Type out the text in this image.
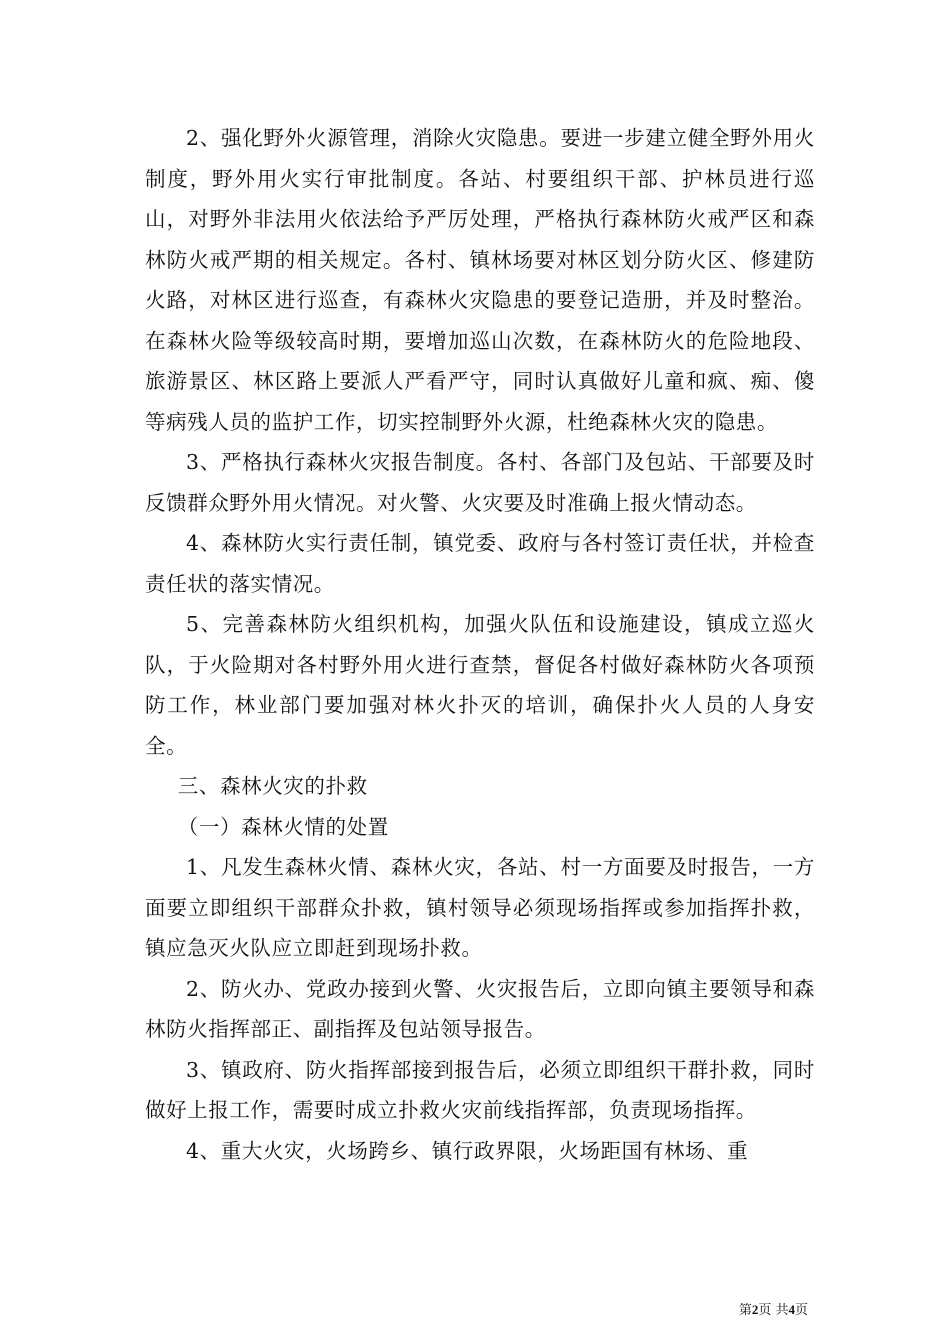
2、强化野外火源管理，消除火灾隐患。要进一步建立健全野外用火制度，野外用火实行审批制度。各站、村要组织干部、护林员进行巡山，对野外非法用火依法给予严厉处理，严格执行森林防火戒严区和森林防火戒严期的相关规定。各村、镇林场要对林区划分防火区、修建防火路，对林区进行巡查，有森林火灾隐患的要登记造册，并及时整治。在森林火险等级较高时期，要增加巡山次数，在森林防火的危险地段、旅游景区、林区路上要派人严看严守，同时认真做好儿童和疯、痴、傻等病残人员的监护工作，切实控制野外火源，杜绝森林火灾的隐患。

3、严格执行森林火灾报告制度。各村、各部门及包站、干部要及时反馈群众野外用火情况。对火警、火灾要及时准确上报火情动态。

4、森林防火实行责任制，镇党委、政府与各村签订责任状，并检查责任状的落实情况。

5、完善森林防火组织机构，加强火队伍和设施建设，镇成立巡火队，于火险期对各村野外用火进行查禁，督促各村做好森林防火各项预防工作，林业部门要加强对林火扑灭的培训，确保扑火人员的人身安全。

三、森林火灾的扑救

（一）森林火情的处置

1、凡发生森林火情、森林火灾，各站、村一方面要及时报告，一方面要立即组织干部群众扑救，镇村领导必须现场指挥或参加指挥扑救，镇应急灭火队应立即赶到现场扑救。

2、防火办、党政办接到火警、火灾报告后，立即向镇主要领导和森林防火指挥部正、副指挥及包站领导报告。

3、镇政府、防火指挥部接到报告后，必须立即组织干群扑救，同时做好上报工作，需要时成立扑救火灾前线指挥部，负责现场指挥。

4、重大火灾，火场跨乡、镇行政界限，火场距国有林场、重

第2页 共4页
